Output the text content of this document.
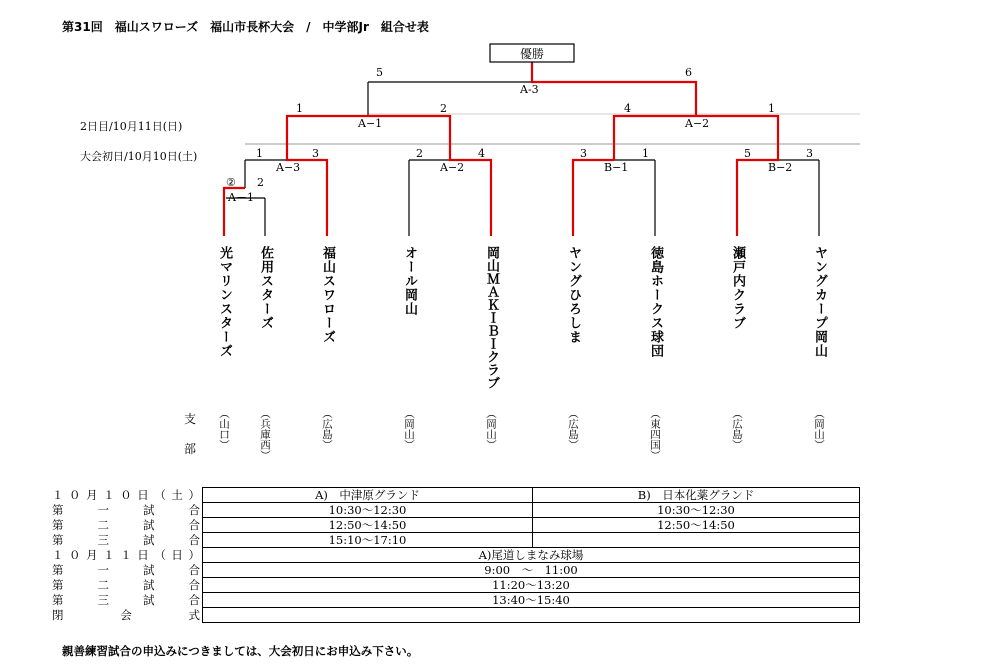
第31回　福山スワローズ　福山市長杯大会　/　中学部Jr　組合せ表
優勝
2日目/10月11日(日)
大会初日/10月10日(土)
5	6
A-3
1	2
A−1
4	1
A−2
1	3
A−3
2	4
A−2
3	1
B−1
5	3
B−2
② 2
A－1
光マリンスターズ 佐用スターズ	福山スワローズ	オール岡山	岡山ＭＡＫＩＢＩクラブ	ヤングひろしま	徳島ホークス球団	瀬戸内クラブ	ヤングカープ岡山
支
部	（山口）	（兵庫西）	（広島）	（岡山）	（岡山）	（広島）	（東四国）	（広島）	（岡山）
１０月１０日（土）	A)　中津原グランド	B)　日本化薬グランド
第一試合	10:30〜12:30	10:30〜12:30
第二試合	12:50〜14:50	12:50〜14:50
第三試合	15:10〜17:10	
１０月１１日（日）	A)尾道しまなみ球場	
第一試合	9:00　〜　11:00	
第二試合	11:20〜13:20	
第三試合	13:40〜15:40	
閉会式		
親善練習試合の申込みにつきましては、大会初日にお申込み下さい。
